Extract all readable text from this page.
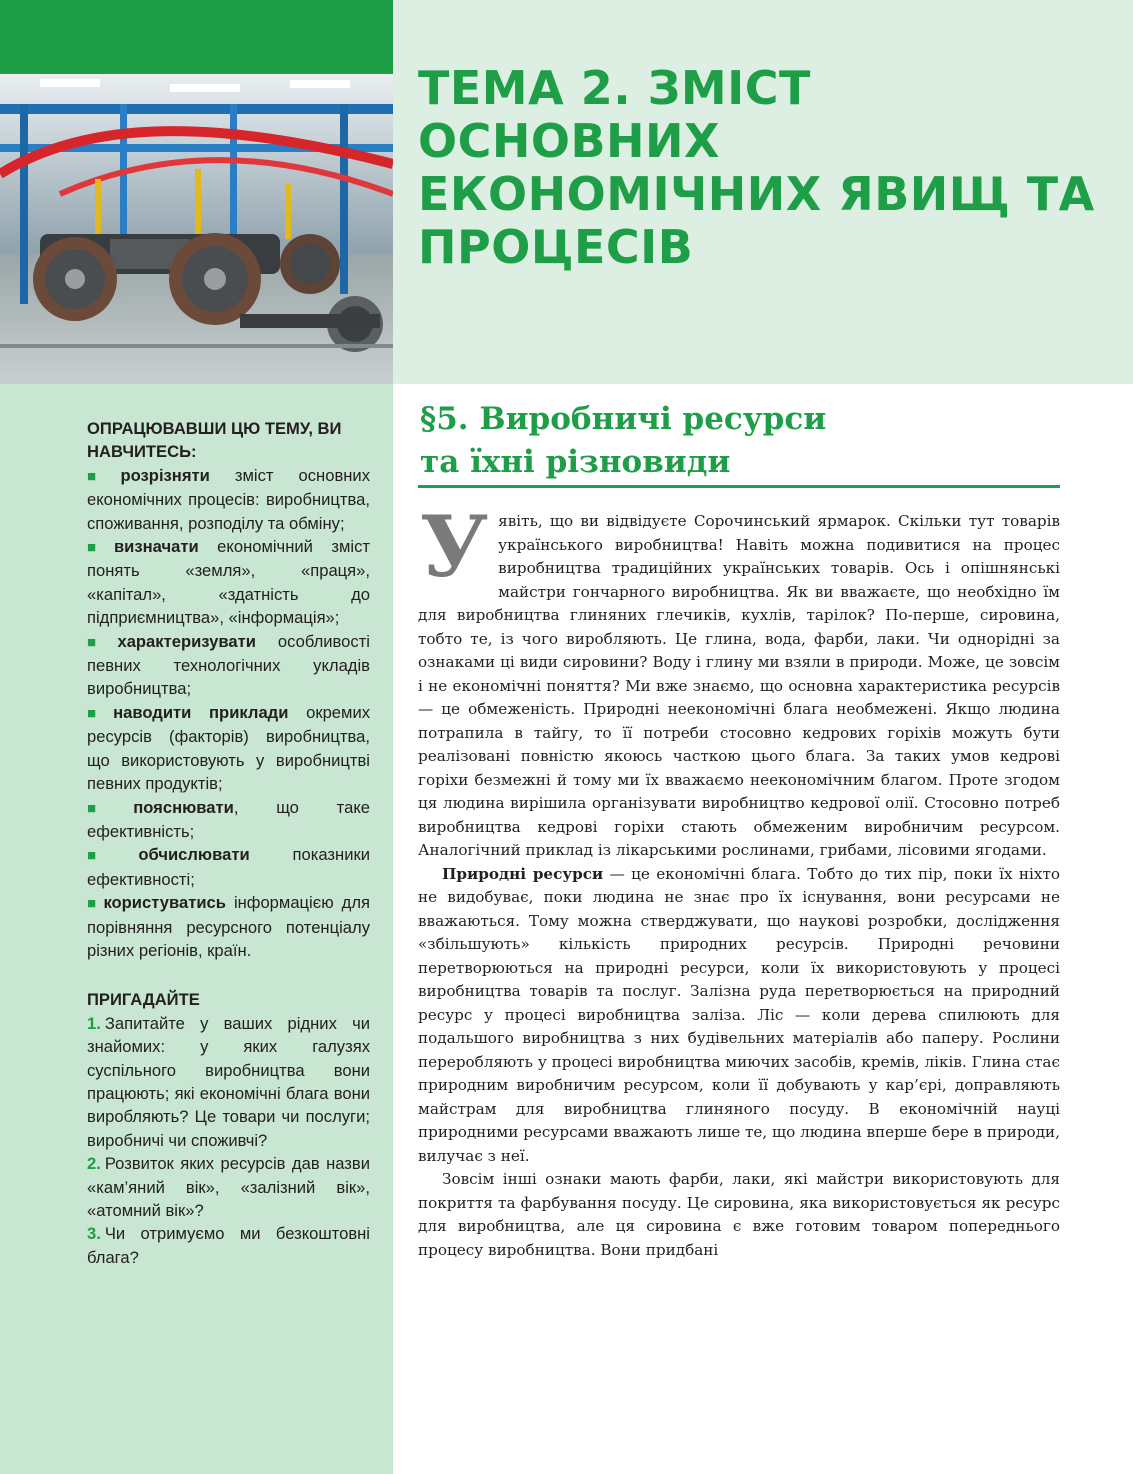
ТЕМА 2. ЗМІСТ ОСНОВНИХ ЕКОНОМІЧНИХ ЯВИЩ ТА ПРОЦЕСІВ

ОПРАЦЮВАВШИ ЦЮ ТЕМУ, ВИ НАВЧИТЕСЬ:

■ розрізняти зміст основних економічних процесів: виробництва, споживання, розподілу та обміну;

■ визначати економічний зміст понять «земля», «праця», «капітал», «здатність до підприємництва», «інформація»;

■ характеризувати особливості певних технологічних укладів виробництва;

■ наводити приклади окремих ресурсів (факторів) виробництва, що використовують у виробництві певних продуктів;

■ пояснювати, що таке ефективність;

■ обчислювати показники ефективності;

■ користуватись інформацією для порівняння ресурсного потенціалу різних регіонів, країн.

ПРИГАДАЙТЕ

1. Запитайте у ваших рідних чи знайомих: у яких галузях суспільного виробництва вони працюють; які економічні блага вони виробляють? Це товари чи послуги; виробничі чи споживчі?

2. Розвиток яких ресурсів дав назви «кам’яний вік», «залізний вік», «атомний вік»?

3. Чи отримуємо ми безкоштовні блага?

§5. Виробничі ресурси
та їхні різновиди

Уявіть, що ви відвідуєте Сорочинський ярмарок. Скільки тут товарів українського виробництва! Навіть можна подивитися на процес виробництва традиційних українських товарів. Ось і опішнянські майстри гончарного виробництва. Як ви вважаєте, що необхідно їм для виробництва глиняних глечиків, кухлів, тарілок? По-перше, сировина, тобто те, із чого виробляють. Це глина, вода, фарби, лаки. Чи однорідні за ознаками ці види сировини? Воду і глину ми взяли в природи. Може, це зовсім і не економічні поняття? Ми вже знаємо, що основна характеристика ресурсів — це обмеженість. Природні неекономічні блага необмежені. Якщо людина потрапила в тайгу, то її потреби стосовно кедрових горіхів можуть бути реалізовані повністю якоюсь часткою цього блага. За таких умов кедрові горіхи безмежні й тому ми їх вважаємо неекономічним благом. Проте згодом ця людина вирішила організувати виробництво кедрової олії. Стосовно потреб виробництва кедрові горіхи стають обмеженим виробничим ресурсом. Аналогічний приклад із лікарськими рослинами, грибами, лісовими ягодами.

Природні ресурси — це економічні блага. Тобто до тих пір, поки їх ніхто не видобуває, поки людина не знає про їх існування, вони ресурсами не вважаються. Тому можна стверджувати, що наукові розробки, дослідження «збільшують» кількість природних ресурсів. Природні речовини перетворюються на природні ресурси, коли їх використовують у процесі виробництва товарів та послуг. Залізна руда перетворюється на природний ресурс у процесі виробництва заліза. Ліс — коли дерева спилюють для подальшого виробництва з них будівельних матеріалів або паперу. Рослини переробляють у процесі виробництва миючих засобів, кремів, ліків. Глина стає природним виробничим ресурсом, коли її добувають у кар’єрі, доправляють майстрам для виробництва глиняного посуду. В економічній науці природними ресурсами вважають лише те, що людина вперше бере в природи, вилучає з неї.

Зовсім інші ознаки мають фарби, лаки, які майстри використовують для покриття та фарбування посуду. Це сировина, яка використовується як ресурс для виробництва, але ця сировина є вже готовим товаром попереднього процесу виробництва. Вони придбані
